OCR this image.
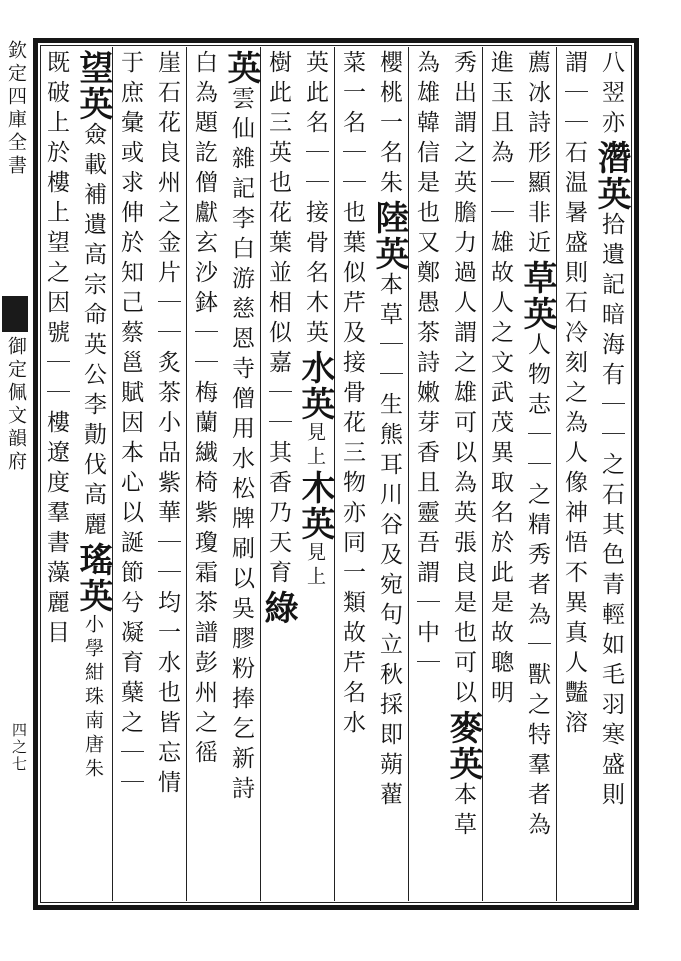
欽定四庫全書
御定佩文韻府
四之七
八翌亦濳英拾遺記暗海有｜｜之石其色青輕如毛羽寒盛則
謂｜｜石温暑盛則石冷刻之為人像神悟不異真人豔溶
薦冰詩形顯非近草英人物志｜｜之精秀者為｜獸之特羣者為
進玉且為｜｜雄故人之文武茂異取名於此是故聰明
秀出謂之英膽力過人謂之雄可以為英張良是也可以麥英本草
為雄韓信是也又鄭愚茶詩嫩芽香且靈吾謂｜中｜
櫻桃一名朱陸英本草｜｜生熊耳川谷及宛句立秋採即蒴藋
菜一名｜｜也葉似芹及接骨花三物亦同一類故芹名水
英此名｜｜接骨名木英水英見上木英見上
樹此三英也花葉並相似嘉｜｜其香乃天育綠
英雲仙雜記李白游慈恩寺僧用水松牌刷以吳膠粉捧乞新詩
白為題訖僧獻玄沙鉢｜｜梅蘭繊椅紫瓊霜茶譜彭州之徭
崖石花良州之金片｜｜炙茶小品紫華｜｜均一水也皆忘情
于庶彙或求伸於知己蔡邕賦因本心以誕節兮凝育蘖之｜｜
望英僉載補遺高宗命英公李勣伐高麗瑤英小學紺珠南唐朱
既破上於樓上望之因號｜｜樓遼度羣書藻麗目
